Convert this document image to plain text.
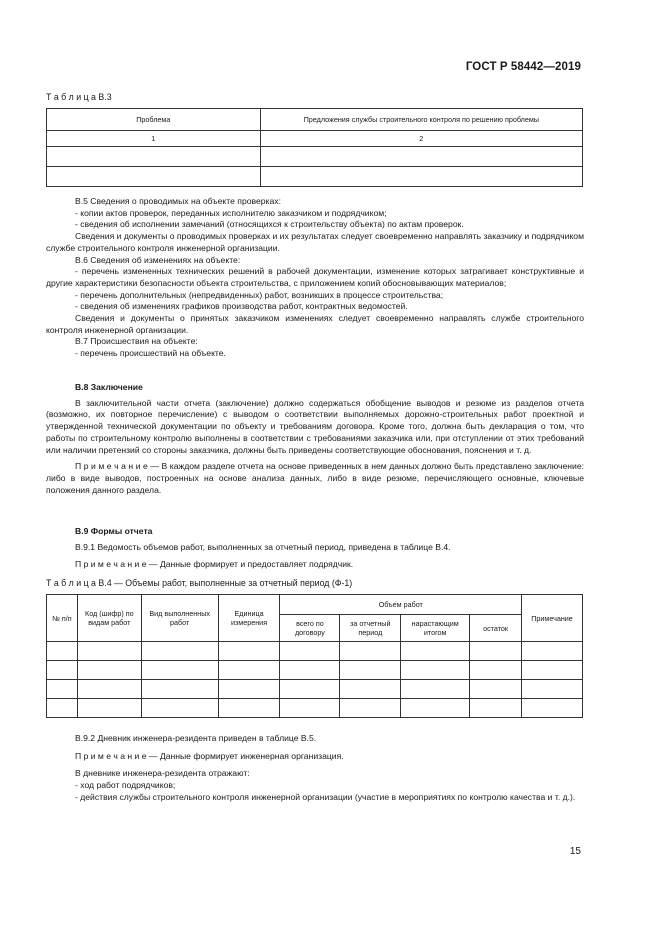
ГОСТ Р 58442—2019
Т а б л и ц а В.3
Проблема	Предложения службы строительного контроля по решению проблемы
1	2

В.5 Сведения о проводимых на объекте проверках:

- копии актов проверок, переданных исполнителю заказчиком и подрядчиком;

- сведения об исполнении замечаний (относящихся к строительству объекта) по актам проверок.

Сведения и документы о проводимых проверках и их результатах следует своевременно направлять заказчику и подрядчиком службе строительного контроля инженерной организации.

В.6 Сведения об изменениях на объекте:

- перечень измененных технических решений в рабочей документации, изменение которых затрагивает конструктивные и другие характеристики безопасности объекта строительства, с приложением копий обосновывающих материалов;

- перечень дополнительных (непредвиденных) работ, возникших в процессе строительства;

- сведения об изменениях графиков производства работ, контрактных ведомостей.

Сведения и документы о принятых заказчиком изменениях следует своевременно направлять службе строительного контроля инженерной организации.

В.7 Происшествия на объекте:

- перечень происшествий на объекте.

В.8 Заключение

В заключительной части отчета (заключение) должно содержаться обобщение выводов и резюме из разделов отчета (возможно, их повторное перечисление) с выводом о соответствии выполняемых дорожно-строительных работ проектной и утвержденной технической документации по объекту и требованиям договора. Кроме того, должна быть декларация о том, что работы по строительному контролю выполнены в соответствии с требованиями заказчика или, при отступлении от этих требований или наличии претензий со стороны заказчика, должны быть приведены соответствующие обоснования, пояснения и т. д.

П р и м е ч а н и е — В каждом разделе отчета на основе приведенных в нем данных должно быть представлено заключение: либо в виде выводов, построенных на основе анализа данных, либо в виде резюме, перечисляющего основные, ключевые положения данного раздела.

В.9 Формы отчета

В.9.1 Ведомость объемов работ, выполненных за отчетный период, приведена в таблице В.4.

П р и м е ч а н и е — Данные формирует и предоставляет подрядчик.

Т а б л и ц а В.4 — Объемы работ, выполненные за отчетный период (Ф-1)
№ п/п	Код (шифр) по видам работ	Вид выполненных работ	Единица измерения	Объем работ				Примечание
				всего по договору	за отчетный период	нарастающим итогом	остаток	

В.9.2 Дневник инженера-резидента приведен в таблице В.5.

П р и м е ч а н и е — Данные формирует инженерная организация.

В дневнике инженера-резидента отражают:

- ход работ подрядчиков;

- действия службы строительного контроля инженерной организации (участие в мероприятиях по контролю качества и т. д.).

15
